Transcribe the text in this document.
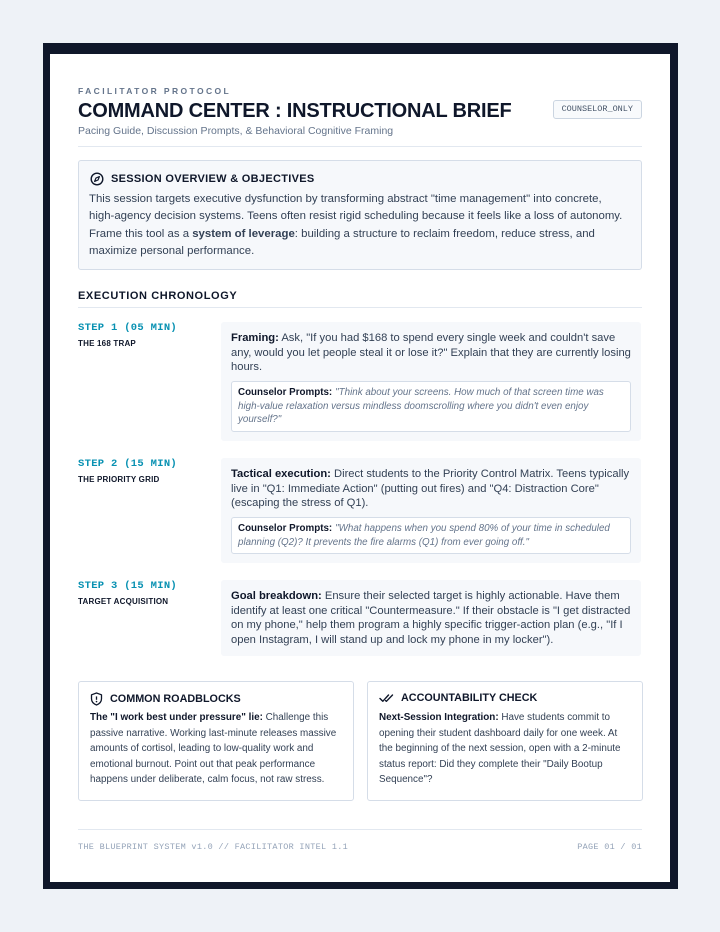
FACILITATOR PROTOCOL
COMMAND CENTER : INSTRUCTIONAL BRIEF
Pacing Guide, Discussion Prompts, & Behavioral Cognitive Framing
COUNSELOR_ONLY
SESSION OVERVIEW & OBJECTIVES

This session targets executive dysfunction by transforming abstract "time management" into concrete, high-agency decision systems. Teens often resist rigid scheduling because it feels like a loss of autonomy. Frame this tool as a system of leverage: building a structure to reclaim freedom, reduce stress, and maximize personal performance.

EXECUTION CHRONOLOGY
STEP 1 (05 MIN)
THE 168 TRAP	Framing: Ask, "If you had $168 to spend every single week and couldn't save any, would you let people steal it or lose it?" Explain that they are currently losing hours.

Counselor Prompts: "Think about your screens. How much of that screen time was high-value relaxation versus mindless doomscrolling where you didn't even enjoy yourself?"
STEP 2 (15 MIN)
THE PRIORITY GRID	Tactical execution: Direct students to the Priority Control Matrix. Teens typically live in "Q1: Immediate Action" (putting out fires) and "Q4: Distraction Core" (escaping the stress of Q1).

Counselor Prompts: "What happens when you spend 80% of your time in scheduled planning (Q2)? It prevents the fire alarms (Q1) from ever going off."
STEP 3 (15 MIN)
TARGET ACQUISITION	Goal breakdown: Ensure their selected target is highly actionable. Have them identify at least one critical "Countermeasure." If their obstacle is "I get distracted on my phone," help them program a highly specific trigger-action plan (e.g., "If I open Instagram, I will stand up and lock my phone in my locker").

COMMON ROADBLOCKS

The "I work best under pressure" lie: Challenge this passive narrative. Working last-minute releases massive amounts of cortisol, leading to low-quality work and emotional burnout. Point out that peak performance happens under deliberate, calm focus, not raw stress.

ACCOUNTABILITY CHECK

Next-Session Integration: Have students commit to opening their student dashboard daily for one week. At the beginning of the next session, open with a 2-minute status report: Did they complete their "Daily Bootup Sequence"?

THE BLUEPRINT SYSTEM v1.0 // FACILITATOR INTEL 1.1	PAGE 01 / 01
